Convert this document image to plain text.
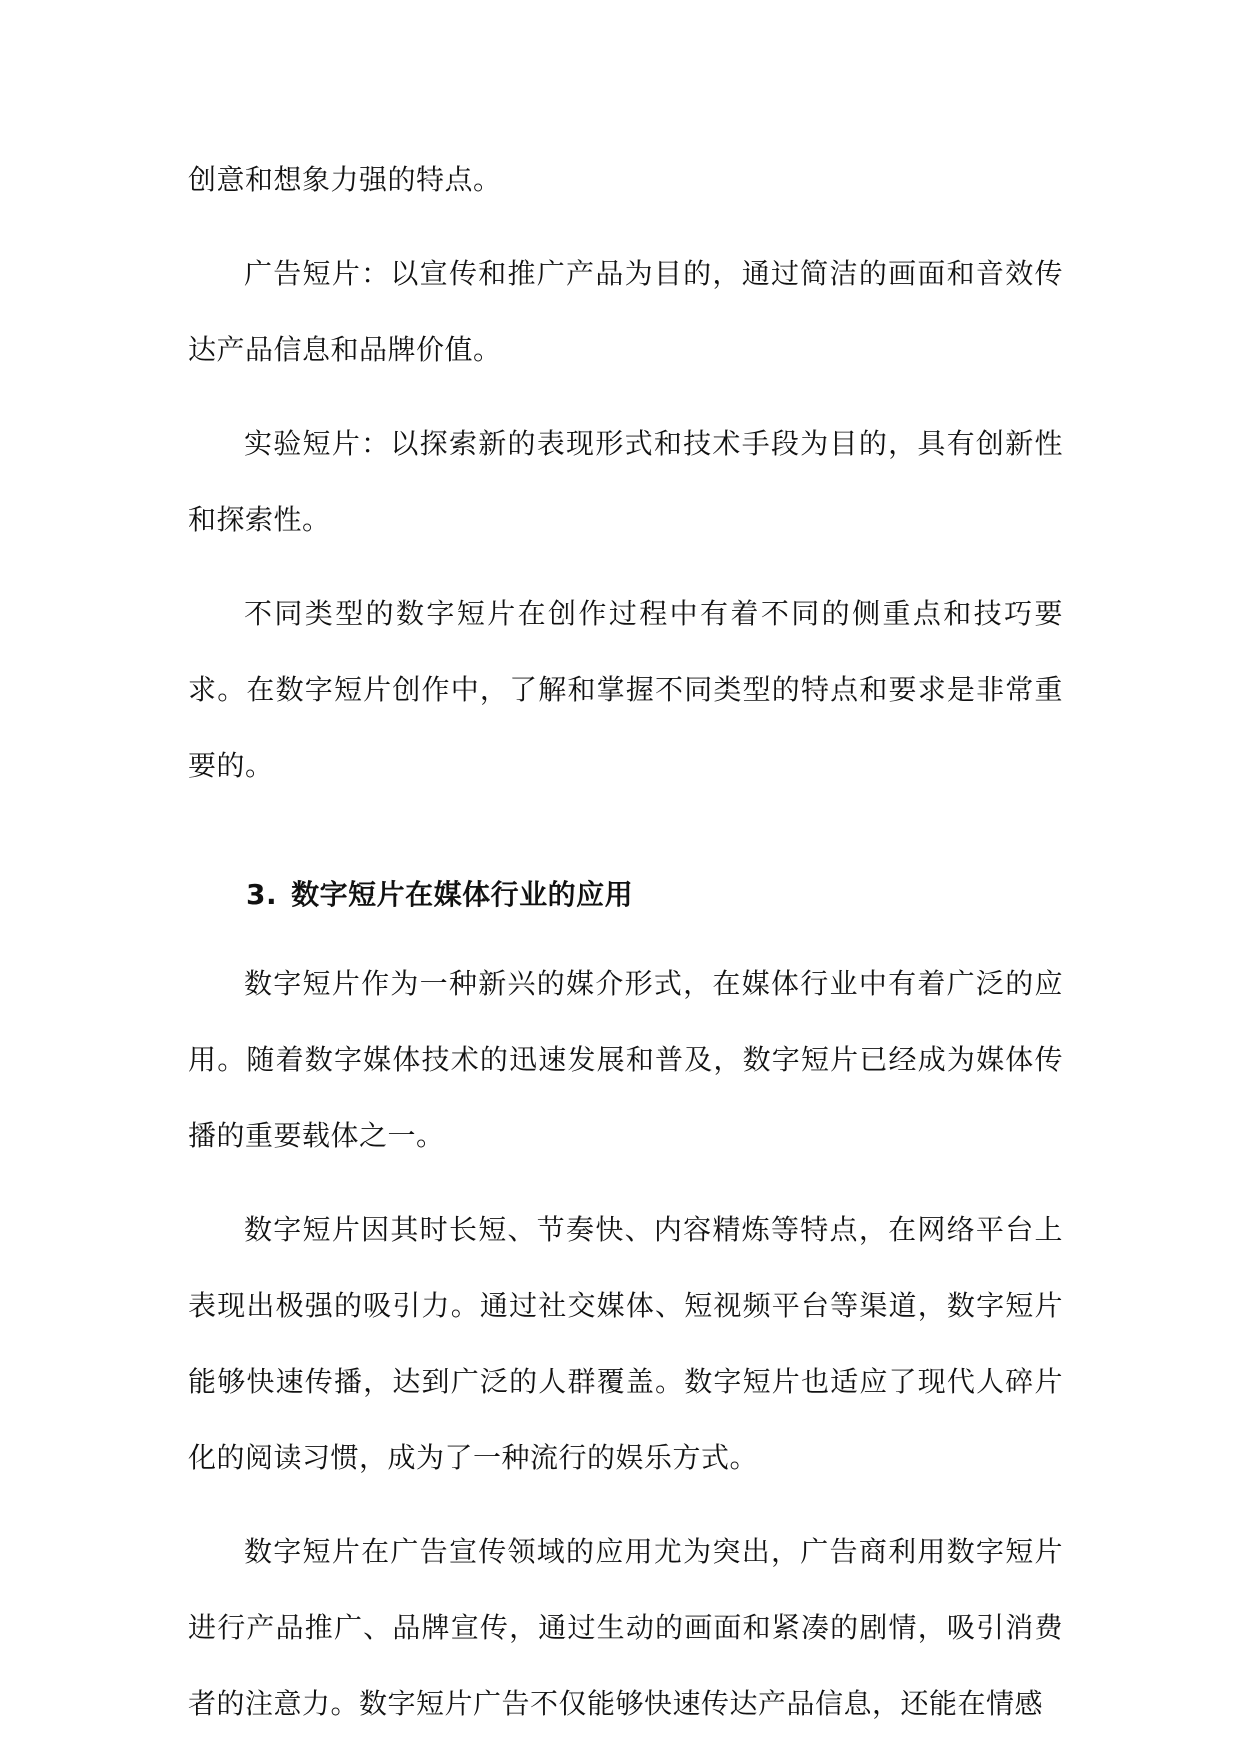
创意和想象力强的特点。

广告短片：以宣传和推广产品为目的，通过简洁的画面和音效传达产品信息和品牌价值。

实验短片：以探索新的表现形式和技术手段为目的，具有创新性和探索性。

不同类型的数字短片在创作过程中有着不同的侧重点和技巧要求。在数字短片创作中，了解和掌握不同类型的特点和要求是非常重要的。

3. 数字短片在媒体行业的应用

数字短片作为一种新兴的媒介形式，在媒体行业中有着广泛的应用。随着数字媒体技术的迅速发展和普及，数字短片已经成为媒体传播的重要载体之一。

数字短片因其时长短、节奏快、内容精炼等特点，在网络平台上表现出极强的吸引力。通过社交媒体、短视频平台等渠道，数字短片能够快速传播，达到广泛的人群覆盖。数字短片也适应了现代人碎片化的阅读习惯，成为了一种流行的娱乐方式。

数字短片在广告宣传领域的应用尤为突出，广告商利用数字短片进行产品推广、品牌宣传，通过生动的画面和紧凑的剧情，吸引消费者的注意力。数字短片广告不仅能够快速传达产品信息，还能在情感
